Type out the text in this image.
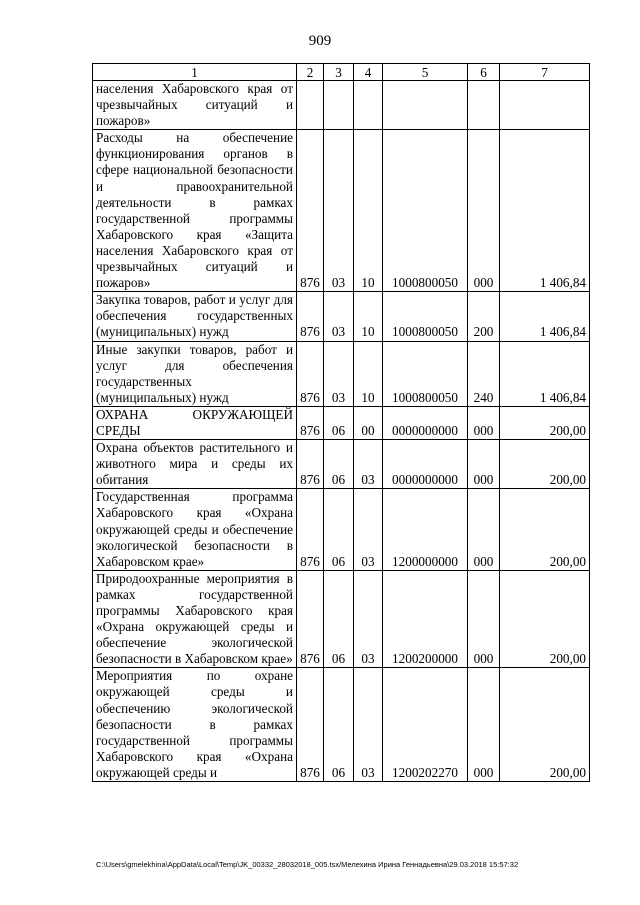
909
1	2	3	4	5	6	7
населения Хабаровского края от чрезвычайных ситуаций и пожаров»						
Расходы на обеспечение функционирования органов в сфере национальной безопасности и правоохранительной деятельности в рамках государственной программы Хабаровского края «Защита населения Хабаровского края от чрезвычайных ситуаций и пожаров»	876	03	10	1000800050	000	1 406,84
Закупка товаров, работ и услуг для обеспечения государственных (муниципальных) нужд	876	03	10	1000800050	200	1 406,84
Иные закупки товаров, работ и услуг для обеспечения государственных (муниципальных) нужд	876	03	10	1000800050	240	1 406,84
ОХРАНА ОКРУЖАЮЩЕЙ СРЕДЫ	876	06	00	0000000000	000	200,00
Охрана объектов растительного и животного мира и среды их обитания	876	06	03	0000000000	000	200,00
Государственная программа Хабаровского края «Охрана окружающей среды и обеспечение экологической безопасности в Хабаровском крае»	876	06	03	1200000000	000	200,00
Природоохранные мероприятия в рамках государственной программы Хабаровского края «Охрана окружающей среды и обеспечение экологической безопасности в Хабаровском крае»	876	06	03	1200200000	000	200,00
Мероприятия по охране окружающей среды и обеспечению экологической безопасности в рамках государственной программы Хабаровского края «Охрана окружающей среды и	876	06	03	1200202270	000	200,00
C:\Users\gmelekhina\AppData\Local\Temp\JK_00332_28032018_005.tsx/Мелехина Ирина Геннадьевна\29.03.2018 15:57:32
